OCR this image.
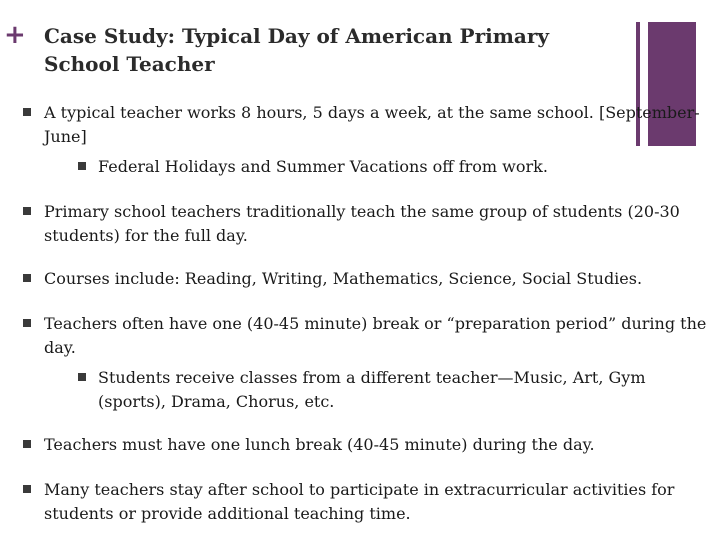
+ Case Study: Typical Day of American Primary School Teacher
A typical teacher works 8 hours, 5 days a week, at the same school. [September-June]
Federal Holidays and Summer Vacations off from work.
Primary school teachers traditionally teach the same group of students (20-30 students) for the full day.
Courses include: Reading, Writing, Mathematics, Science, Social Studies.
Teachers often have one (40-45 minute) break or “preparation period” during the day.
Students receive classes from a different teacher—Music, Art, Gym (sports), Drama, Chorus, etc.
Teachers must have one lunch break (40-45 minute) during the day.
Many teachers stay after school to participate in extracurricular activities for students or provide additional teaching time.
